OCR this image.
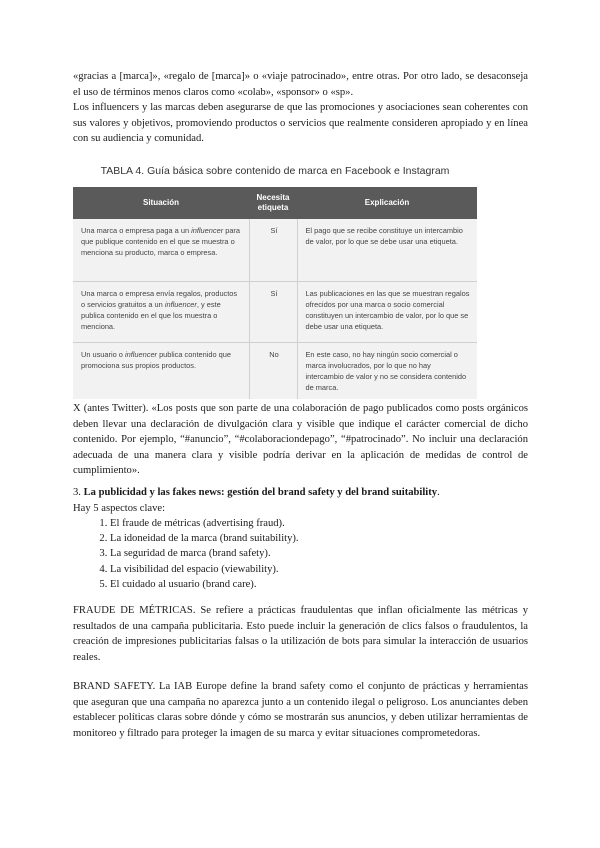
«gracias a [marca]», «regalo de [marca]» o «viaje patrocinado», entre otras. Por otro lado, se desaconseja el uso de términos menos claros como «colab», «sponsor» o «sp».

Los influencers y las marcas deben asegurarse de que las promociones y asociaciones sean coherentes con sus valores y objetivos, promoviendo productos o servicios que realmente consideren apropiado y en línea con su audiencia y comunidad.

TABLA 4. Guía básica sobre contenido de marca en Facebook e Instagram

Situación	Necesita etiqueta	Explicación
Una marca o empresa paga a un influencer para que publique contenido en el que se muestra o menciona su producto, marca o empresa.	Sí	El pago que se recibe constituye un intercambio de valor, por lo que se debe usar una etiqueta.
Una marca o empresa envía regalos, productos o servicios gratuitos a un influencer, y este publica contenido en el que los muestra o menciona.	Sí	Las publicaciones en las que se muestran regalos ofrecidos por una marca o socio comercial constituyen un intercambio de valor, por lo que se debe usar una etiqueta.
Un usuario o influencer publica contenido que promociona sus propios productos.	No	En este caso, no hay ningún socio comercial o marca involucrados, por lo que no hay intercambio de valor y no se considera contenido de marca.

X (antes Twitter). «Los posts que son parte de una colaboración de pago publicados como posts orgánicos deben llevar una declaración de divulgación clara y visible que indique el carácter comercial de dicho contenido. Por ejemplo, “#anuncio”, “#colaboraciondepago”, “#patrocinado”. No incluir una declaración adecuada de una manera clara y visible podría derivar en la aplicación de medidas de control de cumplimiento».

3. La publicidad y las fakes news: gestión del brand safety y del brand suitability.

Hay 5 aspectos clave:

1. El fraude de métricas (advertising fraud).
2. La idoneidad de la marca (brand suitability).
3. La seguridad de marca (brand safety).
4. La visibilidad del espacio (viewability).
5. El cuidado al usuario (brand care).

FRAUDE DE MÉTRICAS. Se refiere a prácticas fraudulentas que inflan oficialmente las métricas y resultados de una campaña publicitaria. Esto puede incluir la generación de clics falsos o fraudulentos, la creación de impresiones publicitarias falsas o la utilización de bots para simular la interacción de usuarios reales.

BRAND SAFETY. La IAB Europe define la brand safety como el conjunto de prácticas y herramientas que aseguran que una campaña no aparezca junto a un contenido ilegal o peligroso. Los anunciantes deben establecer políticas claras sobre dónde y cómo se mostrarán sus anuncios, y deben utilizar herramientas de monitoreo y filtrado para proteger la imagen de su marca y evitar situaciones comprometedoras.
